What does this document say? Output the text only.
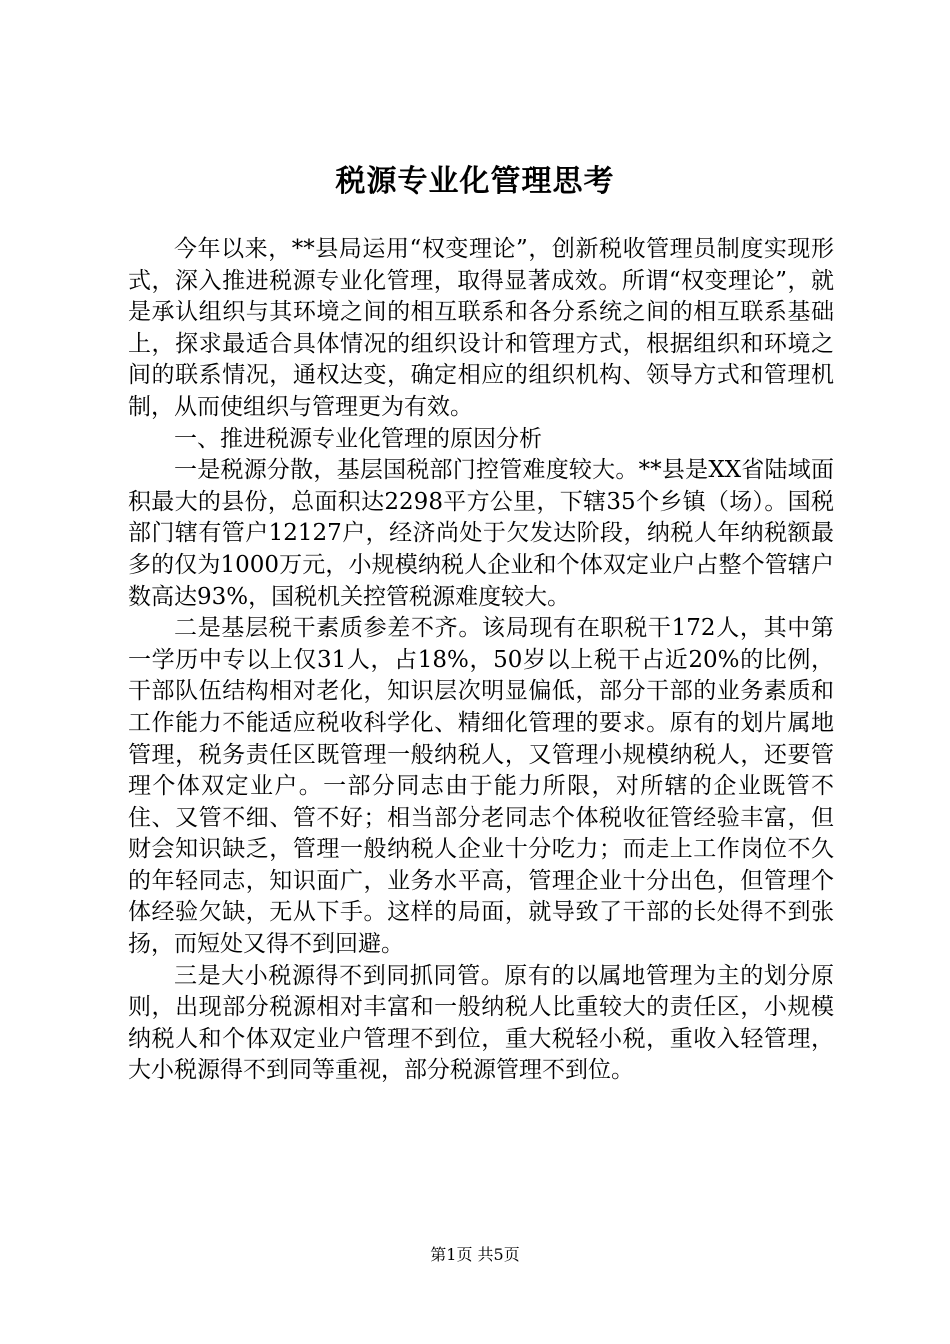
税源专业化管理思考

今年以来，**县局运用“权变理论”，创新税收管理员制度实现形式，深入推进税源专业化管理，取得显著成效。所谓“权变理论”，就是承认组织与其环境之间的相互联系和各分系统之间的相互联系基础上，探求最适合具体情况的组织设计和管理方式，根据组织和环境之间的联系情况，通权达变，确定相应的组织机构、领导方式和管理机制，从而使组织与管理更为有效。

一、推进税源专业化管理的原因分析

一是税源分散，基层国税部门控管难度较大。**县是XX省陆域面积最大的县份，总面积达2298平方公里，下辖35个乡镇（场）。国税部门辖有管户12127户，经济尚处于欠发达阶段，纳税人年纳税额最多的仅为1000万元，小规模纳税人企业和个体双定业户占整个管辖户数高达93%，国税机关控管税源难度较大。

二是基层税干素质参差不齐。该局现有在职税干172人，其中第一学历中专以上仅31人，占18%，50岁以上税干占近20%的比例，干部队伍结构相对老化，知识层次明显偏低，部分干部的业务素质和工作能力不能适应税收科学化、精细化管理的要求。原有的划片属地管理，税务责任区既管理一般纳税人，又管理小规模纳税人，还要管理个体双定业户。一部分同志由于能力所限，对所辖的企业既管不住、又管不细、管不好；相当部分老同志个体税收征管经验丰富，但财会知识缺乏，管理一般纳税人企业十分吃力；而走上工作岗位不久的年轻同志，知识面广，业务水平高，管理企业十分出色，但管理个体经验欠缺，无从下手。这样的局面，就导致了干部的长处得不到张扬，而短处又得不到回避。

三是大小税源得不到同抓同管。原有的以属地管理为主的划分原则，出现部分税源相对丰富和一般纳税人比重较大的责任区，小规模纳税人和个体双定业户管理不到位，重大税轻小税，重收入轻管理，大小税源得不到同等重视，部分税源管理不到位。

第1页 共5页
